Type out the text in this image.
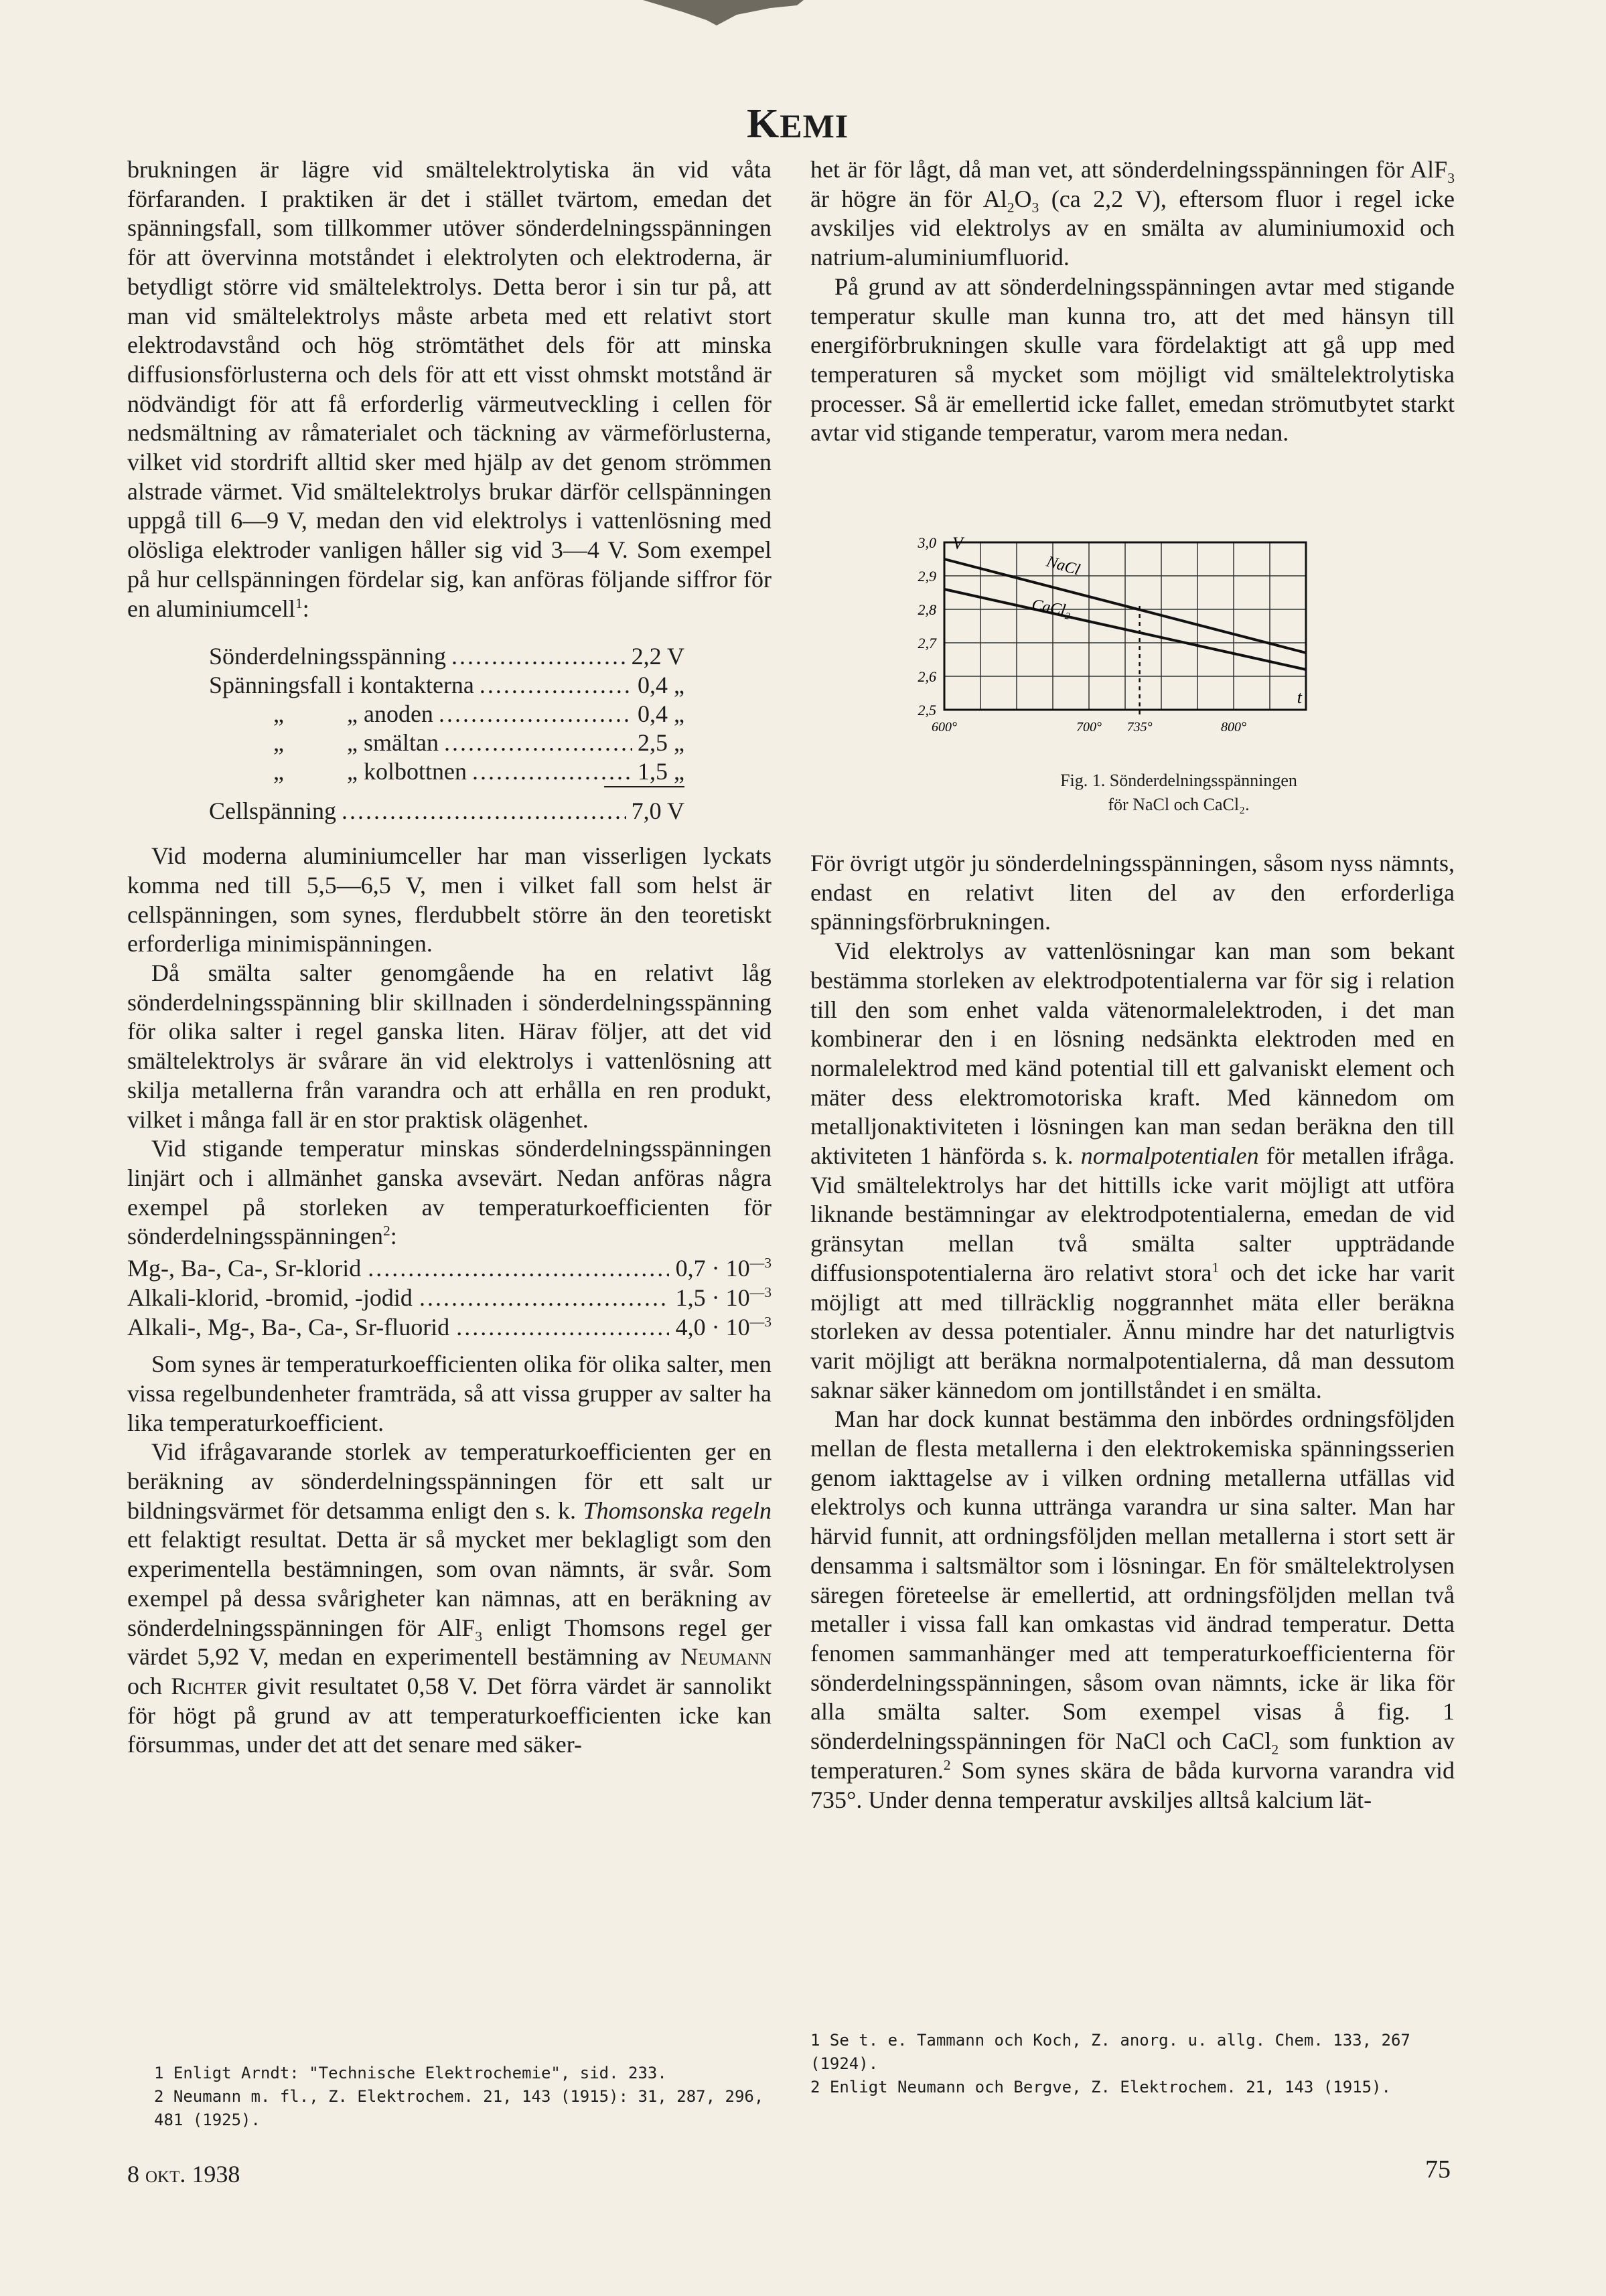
KEMI

brukningen är lägre vid smältelektrolytiska än vid våta förfaranden. I praktiken är det i stället tvärtom, emedan det spänningsfall, som tillkommer utöver sönderdelningsspänningen för att övervinna motståndet i elektrolyten och elektroderna, är betydligt större vid smältelektrolys. Detta beror i sin tur på, att man vid smältelektrolys måste arbeta med ett relativt stort elektrodavstånd och hög strömtäthet dels för att minska diffusionsförlusterna och dels för att ett visst ohmskt motstånd är nödvändigt för att få erforderlig värmeutveckling i cellen för nedsmältning av råmaterialet och täckning av värmeförlusterna, vilket vid stordrift alltid sker med hjälp av det genom strömmen alstrade värmet. Vid smältelektrolys brukar därför cellspänningen uppgå till 6—9 V, medan den vid elektrolys i vattenlösning med olösliga elektroder vanligen håller sig vid 3—4 V. Som exempel på hur cellspänningen fördelar sig, kan anföras följande siffror för en aluminiumcell$^1$:

Sönderdelningsspänning .....	2,2 V
Spänningsfall i kontakterna .....	0,4 „
„	„ anoden .....	0,4 „
„	„ smältan .....	2,5 „
„	„ kolbottnen .....	1,5 „
Cellspänning .....	7,0 V

Vid moderna aluminiumceller har man visserligen lyckats komma ned till 5,5—6,5 V, men i vilket fall som helst är cellspänningen, som synes, flerdubbelt större än den teoretiskt erforderliga minimispänningen.

Då smälta salter genomgående ha en relativt låg sönderdelningsspänning blir skillnaden i sönderdelningsspänning för olika salter i regel ganska liten. Härav följer, att det vid smältelektrolys är svårare än vid elektrolys i vattenlösning att skilja metallerna från varandra och att erhålla en ren produkt, vilket i många fall är en stor praktisk olägenhet.

Vid stigande temperatur minskas sönderdelningsspänningen linjärt och i allmänhet ganska avsevärt. Nedan anföras några exempel på storleken av temperaturkoefficienten för sönderdelningsspänningen$^2$:

Mg-, Ba-, Ca-, Sr-klorid .....	$0,7 \cdot 10^{—3}$
Alkali-klorid, -bromid, -jodid .....	$1,5 \cdot 10^{—3}$
Alkali-, Mg-, Ba-, Ca-, Sr-fluorid .....	$4,0 \cdot 10^{—3}$

Som synes är temperaturkoefficienten olika för olika salter, men vissa regelbundenheter framträda, så att vissa grupper av salter ha lika temperaturkoefficient.

Vid ifrågavarande storlek av temperaturkoefficienten ger en beräkning av sönderdelningsspänningen för ett salt ur bildningsvärmet för detsamma enligt den s. k. Thomsonska regeln ett felaktigt resultat. Detta är så mycket mer beklagligt som den experimentella bestämningen, som ovan nämnts, är svår. Som exempel på dessa svårigheter kan nämnas, att en beräkning av sönderdelningsspänningen för AlF$_3$ enligt Thomsons regel ger värdet 5,92 V, medan en experimentell bestämning av Neumann och Richter givit resultatet 0,58 V. Det förra värdet är sannolikt för högt på grund av att temperaturkoefficienten icke kan försummas, under det att det senare med säker-

1 Enligt Arndt: "Technische Elektrochemie", sid. 233.
2 Neumann m. fl., Z. Elektrochem. 21, 143 (1915): 31, 287, 296, 481 (1925).
8 okt. 1938

het är för lågt, då man vet, att sönderdelningsspänningen för AlF$_3$ är högre än för $Al_2O_3$ (ca 2,2 V), eftersom fluor i regel icke avskiljes vid elektrolys av en smälta av aluminiumoxid och natrium-aluminiumfluorid.

På grund av att sönderdelningsspänningen avtar med stigande temperatur skulle man kunna tro, att det med hänsyn till energiförbrukningen skulle vara fördelaktigt att gå upp med temperaturen så mycket som möjligt vid smältelektrolytiska processer. Så är emellertid icke fallet, emedan strömutbytet starkt avtar vid stigande temperatur, varom mera nedan.

3,0
2,9
2,8
2,7
2,6
2,5
600°	700° 735°	800°
V
t
NaCl
CaCl₂
Fig. 1. Sönderdelningsspänningen
för NaCl och CaCl₂.

För övrigt utgör ju sönderdelningsspänningen, såsom nyss nämnts, endast en relativt liten del av den erforderliga spänningsförbrukningen.

Vid elektrolys av vattenlösningar kan man som bekant bestämma storleken av elektrodpotentialerna var för sig i relation till den som enhet valda vätenormalelektroden, i det man kombinerar den i en lösning nedsänkta elektroden med en normalelektrod med känd potential till ett galvaniskt element och mäter dess elektromotoriska kraft. Med kännedom om metalljonaktiviteten i lösningen kan man sedan beräkna den till aktiviteten 1 hänförda s. k. normalpotentialen för metallen ifråga. Vid smältelektrolys har det hittills icke varit möjligt att utföra liknande bestämningar av elektrodpotentialerna, emedan de vid gränsytan mellan två smälta salter uppträdande diffusionspotentialerna äro relativt stora$^1$ och det icke har varit möjligt att med tillräcklig noggrannhet mäta eller beräkna storleken av dessa potentialer. Ännu mindre har det naturligtvis varit möjligt att beräkna normalpotentialerna, då man dessutom saknar säker kännedom om jontillståndet i en smälta.

Man har dock kunnat bestämma den inbördes ordningsföljden mellan de flesta metallerna i den elektrokemiska spänningsserien genom iakttagelse av i vilken ordning metallerna utfällas vid elektrolys och kunna uttränga varandra ur sina salter. Man har härvid funnit, att ordningsföljden mellan metallerna i stort sett är densamma i saltsmältor som i lösningar. En för smältelektrolysen säregen företeelse är emellertid, att ordningsföljden mellan två metaller i vissa fall kan omkastas vid ändrad temperatur. Detta fenomen sammanhänger med att temperaturkoefficienterna för sönderdelningsspänningen, såsom ovan nämnts, icke är lika för alla smälta salter. Som exempel visas å fig. 1 sönderdelningsspänningen för NaCl och CaCl$_2$ som funktion av temperaturen.$^2$ Som synes skära de båda kurvorna varandra vid 735°. Under denna temperatur avskiljes alltså kalcium lät-

1 Se t. e. Tammann och Koch, Z. anorg. u. allg. Chem. 133, 267 (1924).
2 Enligt Neumann och Bergve, Z. Elektrochem. 21, 143 (1915).
75
